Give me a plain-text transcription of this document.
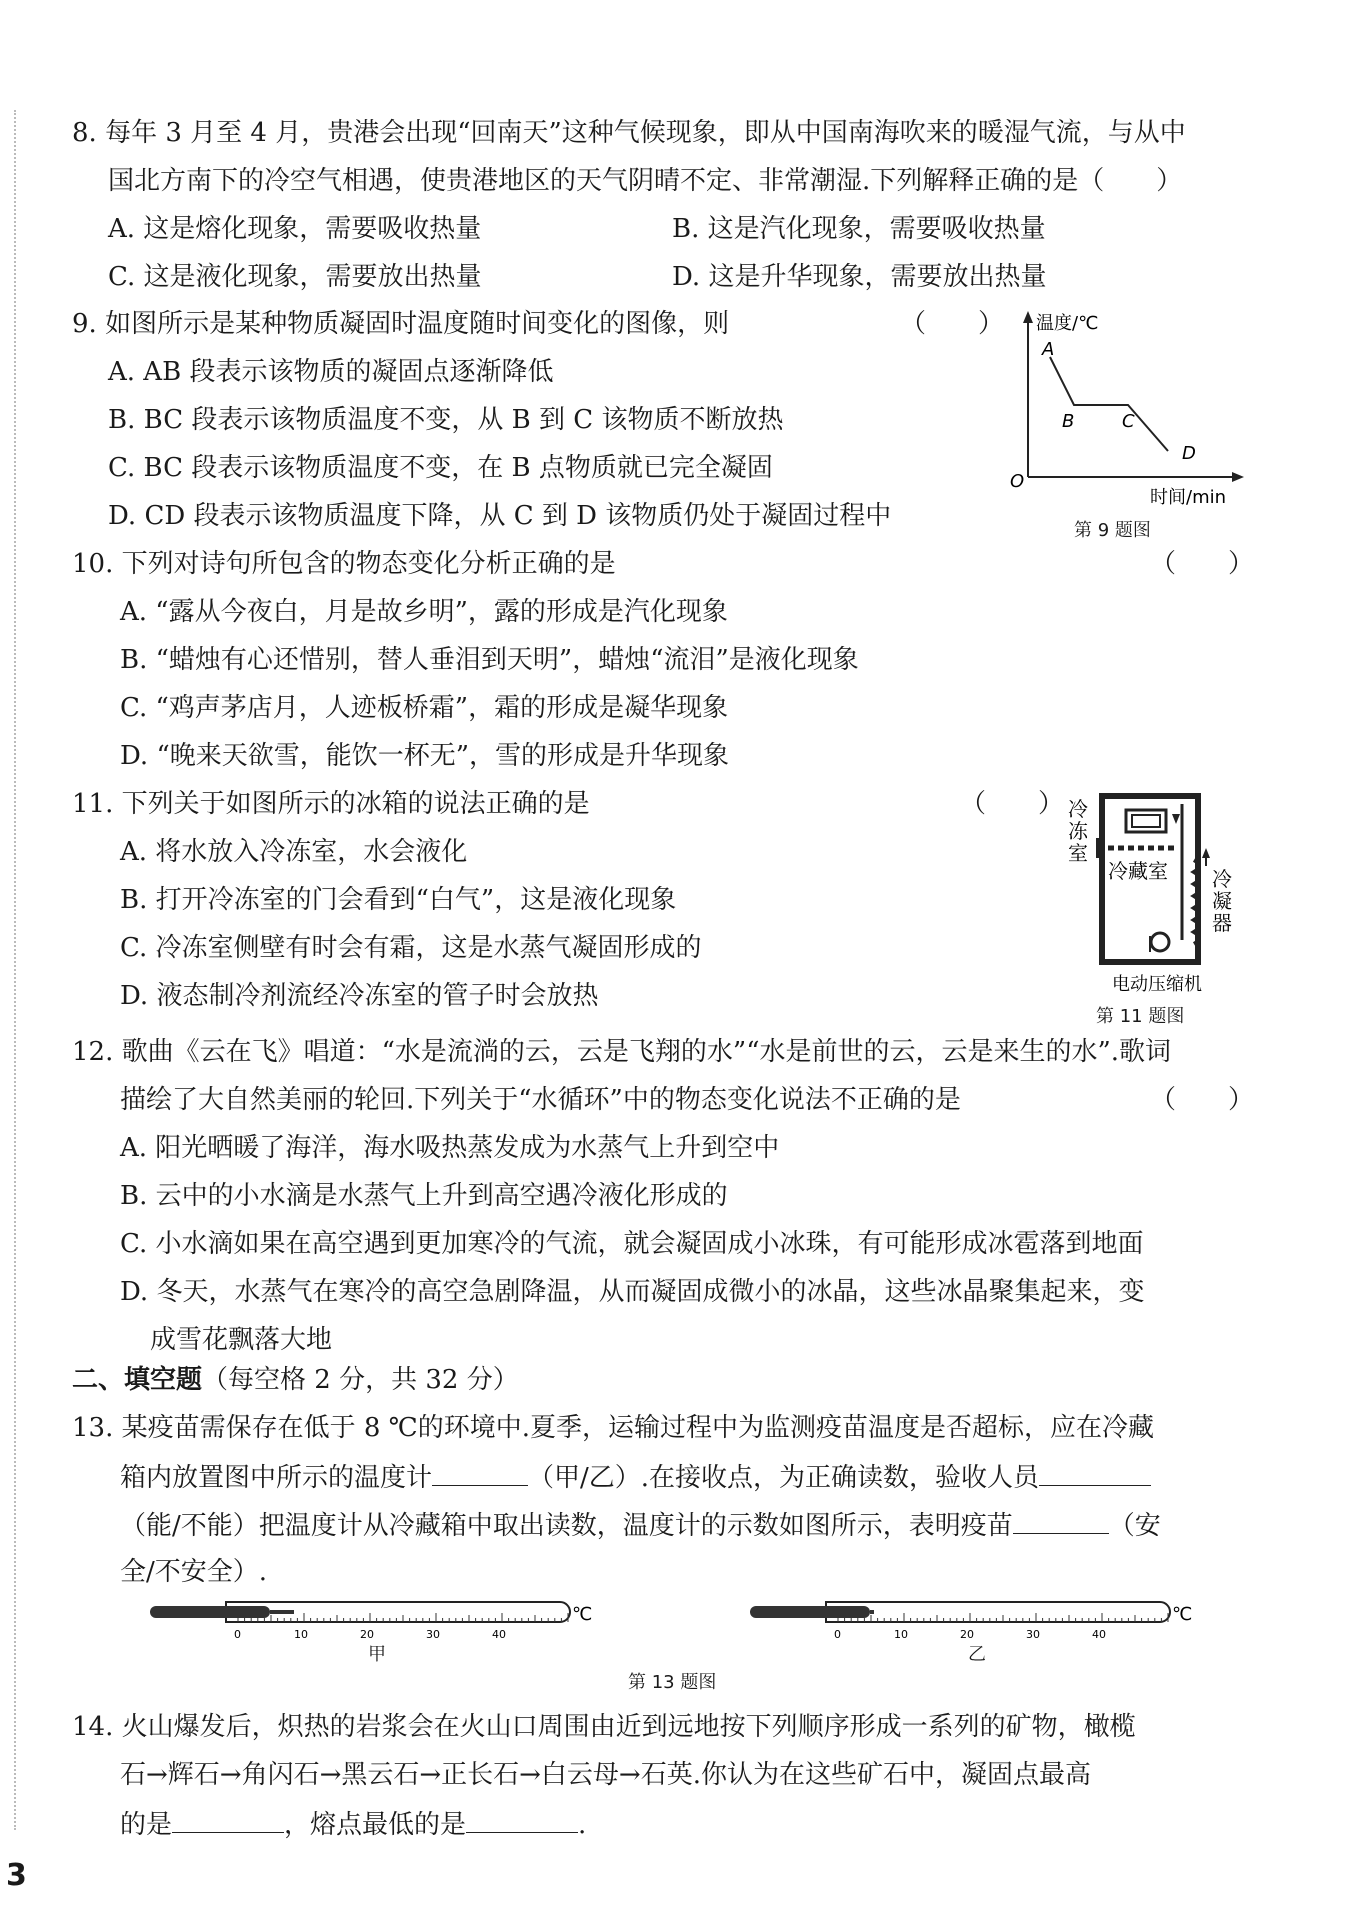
8. 每年 3 月至 4 月，贵港会出现“回南天”这种气候现象，即从中国南海吹来的暖湿气流，与从中
国北方南下的冷空气相遇，使贵港地区的天气阴晴不定、非常潮湿.下列解释正确的是（　　）
A. 这是熔化现象，需要吸收热量	B. 这是汽化现象，需要吸收热量
C. 这是液化现象，需要放出热量	D. 这是升华现象，需要放出热量
9. 如图所示是某种物质凝固时温度随时间变化的图像，则	（　　）
A. AB 段表示该物质的凝固点逐渐降低
B. BC 段表示该物质温度不变，从 B 到 C 该物质不断放热
C. BC 段表示该物质温度不变，在 B 点物质就已完全凝固
D. CD 段表示该物质温度下降，从 C 到 D 该物质仍处于凝固过程中
温度/℃
时间/min
O
A
B	C
D
第 9 题图
10. 下列对诗句所包含的物态变化分析正确的是	（　　）
A. “露从今夜白，月是故乡明”，露的形成是汽化现象
B. “蜡烛有心还惜别，替人垂泪到天明”，蜡烛“流泪”是液化现象
C. “鸡声茅店月，人迹板桥霜”，霜的形成是凝华现象
D. “晚来天欲雪，能饮一杯无”，雪的形成是升华现象
11. 下列关于如图所示的冰箱的说法正确的是	（　　）
A. 将水放入冷冻室，水会液化
B. 打开冷冻室的门会看到“白气”，这是液化现象
C. 冷冻室侧壁有时会有霜，这是水蒸气凝固形成的
D. 液态制冷剂流经冷冻室的管子时会放热
冷
冻
室
冷藏室 冷
凝
器
电动压缩机
第 11 题图
12. 歌曲《云在飞》唱道：“水是流淌的云，云是飞翔的水”“水是前世的云，云是来生的水”.歌词
描绘了大自然美丽的轮回.下列关于“水循环”中的物态变化说法不正确的是	（　　）
A. 阳光晒暖了海洋，海水吸热蒸发成为水蒸气上升到空中
B. 云中的小水滴是水蒸气上升到高空遇冷液化形成的
C. 小水滴如果在高空遇到更加寒冷的气流，就会凝固成小冰珠，有可能形成冰雹落到地面
D. 冬天，水蒸气在寒冷的高空急剧降温，从而凝固成微小的冰晶，这些冰晶聚集起来，变
成雪花飘落大地
二、填空题（每空格 2 分，共 32 分）
13. 某疫苗需保存在低于 8 ℃的环境中.夏季，运输过程中为监测疫苗温度是否超标，应在冷藏
箱内放置图中所示的温度计	（甲/乙）.在接收点，为正确读数，验收人员
（能/不能）把温度计从冷藏箱中取出读数，温度计的示数如图所示，表明疫苗	（安
全/不安全）.
0	10	20	30	40
℃
甲
0	10	20	30	40
℃
乙
第 13 题图
14. 火山爆发后，炽热的岩浆会在火山口周围由近到远地按下列顺序形成一系列的矿物，橄榄
石→辉石→角闪石→黑云石→正长石→白云母→石英.你认为在这些矿石中，凝固点最高
的是	，熔点最低的是	.
3
